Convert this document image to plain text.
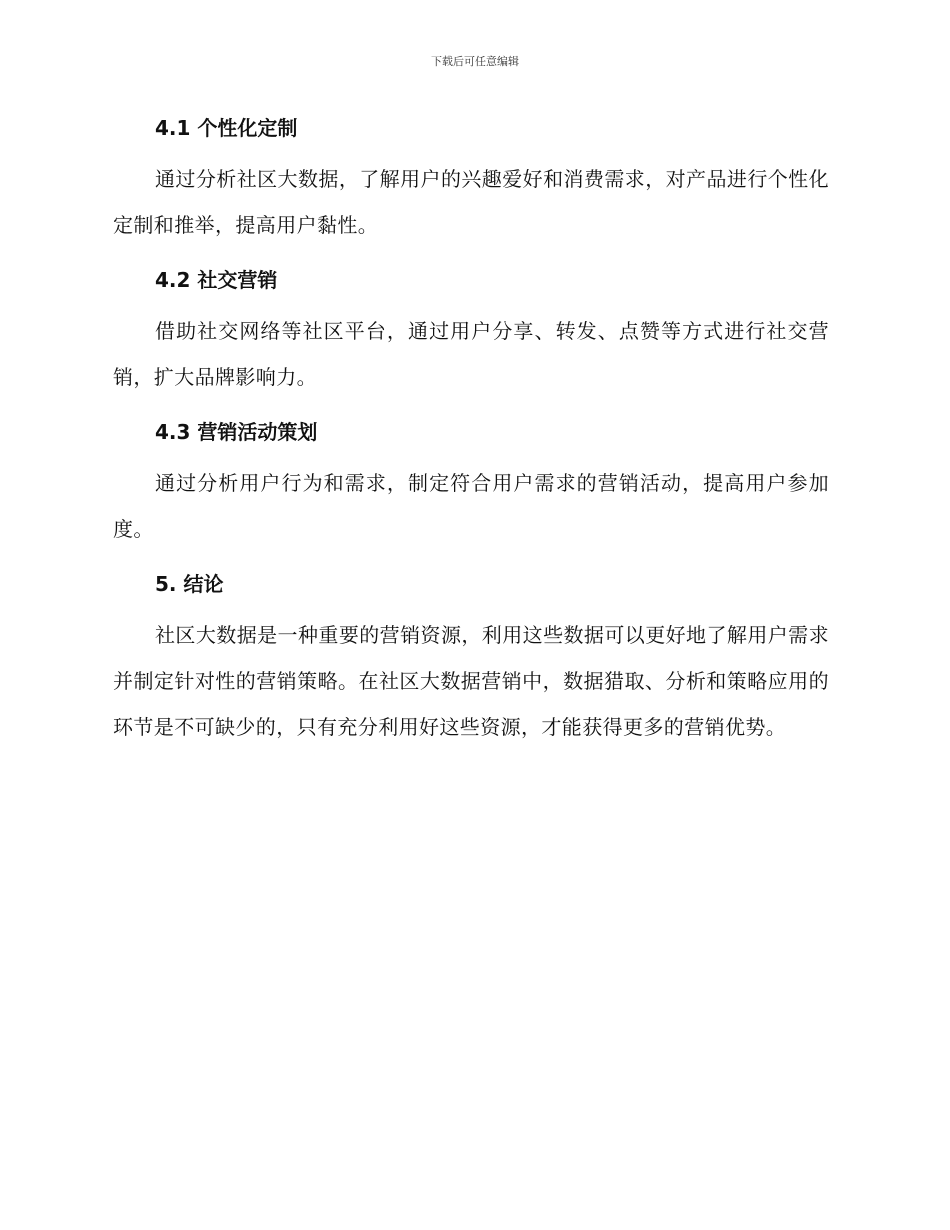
下载后可任意编辑
4.1 个性化定制

通过分析社区大数据，了解用户的兴趣爱好和消费需求，对产品进行个性化定制和推举，提高用户黏性。

4.2 社交营销

借助社交网络等社区平台，通过用户分享、转发、点赞等方式进行社交营销，扩大品牌影响力。

4.3 营销活动策划

通过分析用户行为和需求，制定符合用户需求的营销活动，提高用户参加度。

5. 结论

社区大数据是一种重要的营销资源，利用这些数据可以更好地了解用户需求并制定针对性的营销策略。在社区大数据营销中，数据猎取、分析和策略应用的环节是不可缺少的，只有充分利用好这些资源，才能获得更多的营销优势。
